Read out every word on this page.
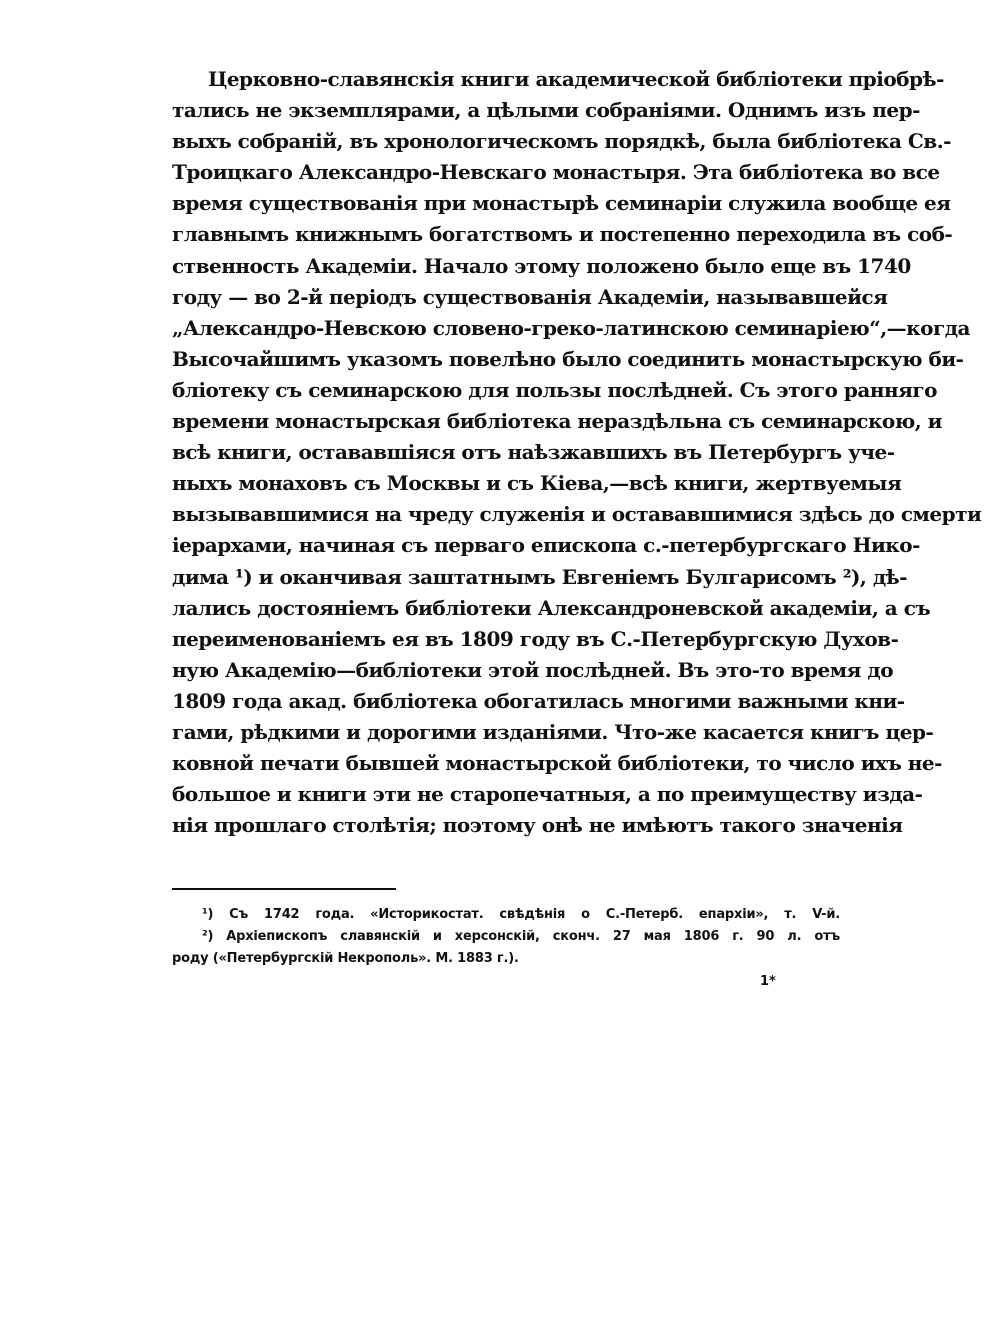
Церковно-славянскія книги академической библіотеки пріобрѣ-
тались не экземплярами, а цѣлыми собраніями. Однимъ изъ пер-
выхъ собраній, въ хронологическомъ порядкѣ, была библіотека Св.-
Троицкаго Александро-Невскаго монастыря. Эта библіотека во все
время существованія при монастырѣ семинаріи служила вообще ея
главнымъ книжнымъ богатствомъ и постепенно переходила въ соб-
ственность Академіи. Начало этому положено было еще въ 1740
году — во 2-й періодъ существованія Академіи, называвшейся
„Александро-Невскою словено-греко-латинскою семинаріею“,—когда
Высочайшимъ указомъ повелѣно было соединить монастырскую би-
бліотеку съ семинарскою для пользы послѣдней. Съ этого ранняго
времени монастырская библіотека нераздѣльна съ семинарскою, и
всѣ книги, остававшіяся отъ наѣзжавшихъ въ Петербургъ уче-
ныхъ монаховъ съ Москвы и съ Кіева,—всѣ книги, жертвуемыя
вызывавшимися на чреду служенія и остававшимися здѣсь до смерти
іерархами, начиная съ перваго епископа с.-петербургскаго Нико-
дима ¹) и оканчивая заштатнымъ Евгеніемъ Булгарисомъ ²), дѣ-
лались достояніемъ библіотеки Александроневской академіи, а съ
переименованіемъ ея въ 1809 году въ С.-Петербургскую Духов-
ную Академію—библіотеки этой послѣдней. Въ это-то время до
1809 года акад. библіотека обогатилась многими важными кни-
гами, рѣдкими и дорогими изданіями. Что-же касается книгъ цер-
ковной печати бывшей монастырской библіотеки, то число ихъ не-
большое и книги эти не старопечатныя, а по преимуществу изда-
нія прошлаго столѣтія; поэтому онѣ не имѣютъ такого значенія
¹) Съ 1742 года. «Историкостат. свѣдѣнія о С.-Петерб. епархіи», т. V-й.
²) Архіепископъ славянскій и херсонскій, сконч. 27 мая 1806 г. 90 л. отъ
роду («Петербургскій Некрополь». М. 1883 г.).
1*
